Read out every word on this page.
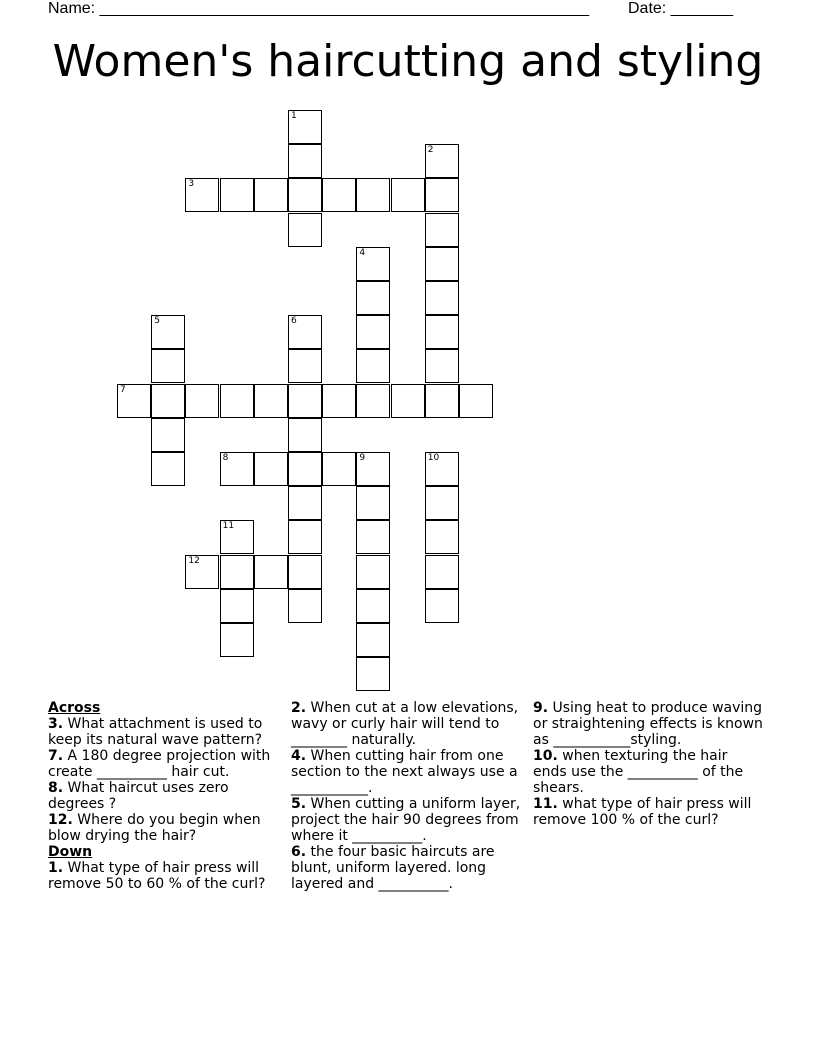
Name: _______________________________________________________ Date: _______
Women's haircutting and styling
1
2
3
4
5	6
7
8	9	10
11
12
Across

3. What attachment is used to keep its natural wave pattern?

7. A 180 degree projection with create __________ hair cut.

8. What haircut uses zero degrees ?

12. Where do you begin when blow drying the hair?

Down

1. What type of hair press will remove 50 to 60 % of the curl?

2. When cut at a low elevations, wavy or curly hair will tend to ________ naturally.

4. When cutting hair from one section to the next always use a ___________.

5. When cutting a uniform layer, project the hair 90 degrees from where it __________.

6. the four basic haircuts are blunt, uniform layered. long layered and __________.

9. Using heat to produce waving or straightening effects is known as ___________styling.

10. when texturing the hair ends use the __________ of the shears.

11. what type of hair press will remove 100 % of the curl?
